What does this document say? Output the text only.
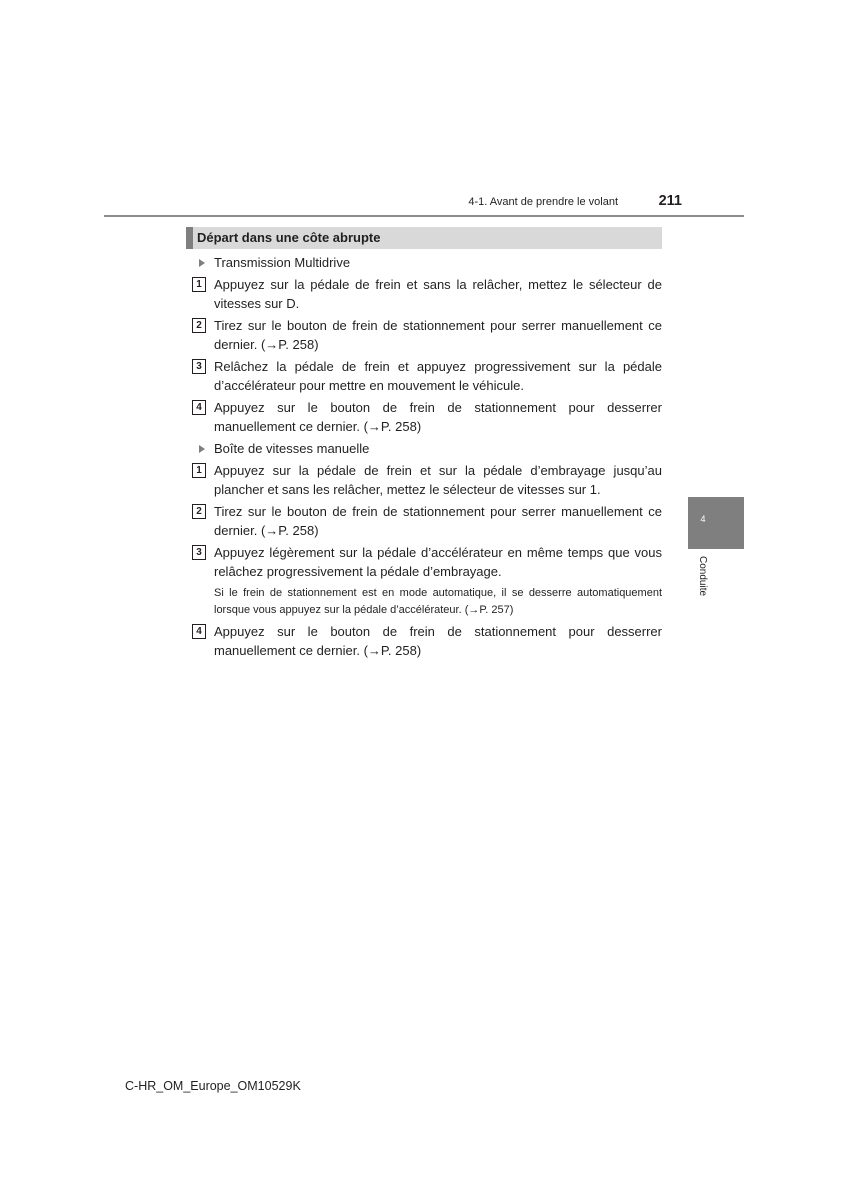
4-1. Avant de prendre le volant	211
Départ dans une côte abrupte
Transmission Multidrive
1 Appuyez sur la pédale de frein et sans la relâcher, mettez le sélecteur de vitesses sur D.
2 Tirez sur le bouton de frein de stationnement pour serrer manuellement ce dernier. (→P. 258)
3 Relâchez la pédale de frein et appuyez progressivement sur la pédale d’accélérateur pour mettre en mouvement le véhicule.
4 Appuyez sur le bouton de frein de stationnement pour desserrer manuellement ce dernier. (→P. 258)
Boîte de vitesses manuelle
1 Appuyez sur la pédale de frein et sur la pédale d’embrayage jusqu’au plancher et sans les relâcher, mettez le sélecteur de vitesses sur 1.
2 Tirez sur le bouton de frein de stationnement pour serrer manuellement ce dernier. (→P. 258)
3 Appuyez légèrement sur la pédale d’accélérateur en même temps que vous relâchez progressivement la pédale d’embrayage.
Si le frein de stationnement est en mode automatique, il se desserre automatiquement lorsque vous appuyez sur la pédale d’accélérateur. (→P. 257)
4 Appuyez sur le bouton de frein de stationnement pour desserrer manuellement ce dernier. (→P. 258)
4
Conduite
C-HR_OM_Europe_OM10529K
